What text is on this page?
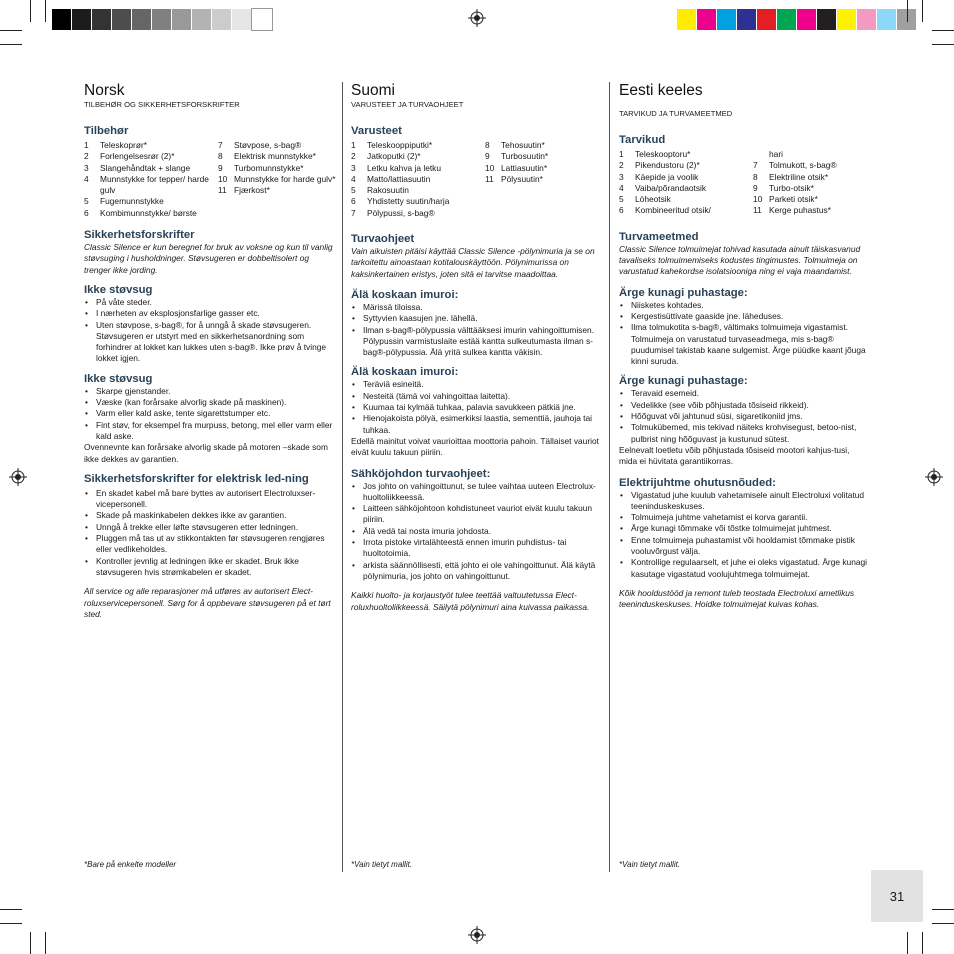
Norsk

TILBEHØR OG SIKKERHETSFORSKRIFTER

Tilbehør
1	Teleskoprør*
2	Forlengelsesrør (2)*
3	Slangehåndtak + slange
4	Munnstykke for tepper/ harde gulv
5	Fugemunnstykke
6	Kombimunnstykke/ børste
7	Støvpose, s-bag®
8	Elektrisk munnstykke*
9	Turbomunnstykke*
10 Munnstykke for harde gulv*
11 Fjærkost*
Sikkerhetsforskrifter

Classic Silence er kun beregnet for bruk av voksne og kun til vanlig støvsuging i husholdninger. Støvsugeren er dobbeltisolert og trenger ikke jording.

Ikke støvsug
• På våte steder.
• I nærheten av eksplosjonsfarlige gasser etc.
• Uten støvpose, s-bag®, for å unngå å skade støvsugeren. Støvsugeren er utstyrt med en sikkerhetsanordning som forhindrer at lokket kan lukkes uten s-bag®. Ikke prøv å tvinge lokket igjen.
Ikke støvsug
• Skarpe gjenstander.
• Væske (kan forårsake alvorlig skade på maskinen).
• Varm eller kald aske, tente sigarettstumper etc.
• Fint støv, for eksempel fra murpuss, betong, mel eller varm eller kald aske.

Ovennevnte kan forårsake alvorlig skade på motoren –skade som ikke dekkes av garantien.

Sikkerhetsforskrifter for elektrisk led-ning
• En skadet kabel må bare byttes av autorisert Electroluxser-vicepersonell.
• Skade på maskinkabelen dekkes ikke av garantien.
• Unngå å trekke eller løfte støvsugeren etter ledningen.
• Pluggen må tas ut av stikkontakten før støvsugeren rengjøres eller vedlikeholdes.
• Kontroller jevnlig at ledningen ikke er skadet. Bruk ikke støvsugeren hvis strømkabelen er skadet.

All service og alle reparasjoner må utføres av autorisert Elect-roluxservicepersonell. Sørg for å oppbevare støvsugeren på et tørt sted.

*Bare på enkelte modeller
Suomi

VARUSTEET JA TURVAOHJEET

Varusteet
1	Teleskooppiputki*
2	Jatkoputki (2)*
3	Letku kahva ja letku
4	Matto/lattiasuutin
5	Rakosuutin
6	Yhdistetty suutin/harja
7	Pölypussi, s-bag®
8	Tehosuutin*
9	Turbosuutin*
10 Lattiasuutin*
11 Pölysuutin*
Turvaohjeet

Vain aikuisten pitäisi käyttää Classic Silence -pölynimuria ja se on tarkoitettu ainoastaan kotitalouskäyttöön. Pölynimurissa on kaksinkertainen eristys, joten sitä ei tarvitse maadoittaa.

Älä koskaan imuroi:
• Märissä tiloissa.
• Syttyvien kaasujen jne. lähellä.
• Ilman s-bag®-pölypussia välttääksesi imurin vahingoittumisen. Pölypussin varmistuslaite estää kantta sulkeutumasta ilman s-bag®-pölypussia. Älä yritä sulkea kantta väkisin.
Älä koskaan imuroi:
• Teräviä esineitä.
• Nesteitä (tämä voi vahingoittaa laitetta).
• Kuumaa tai kylmää tuhkaa, palavia savukkeen pätkiä jne.
• Hienojakoista pölyä, esimerkiksi laastia, sementtiä, jauhoja tai tuhkaa.

Edellä mainitut voivat vaurioittaa moottoria pahoin. Tällaiset vauriot eivät kuulu takuun piiriin.

Sähköjohdon turvaohjeet:
• Jos johto on vahingoittunut, se tulee vaihtaa uuteen Electrolux-huoltoliikkeessä.
• Laitteen sähköjohtoon kohdistuneet vauriot eivät kuulu takuun piiriin.
• Älä vedä tai nosta imuria johdosta.
• Irrota pistoke virtalähteestä ennen imurin puhdistus- tai huoltotoimia.
• arkista säännöllisesti, että johto ei ole vahingoittunut. Älä käytä pölynimuria, jos johto on vahingoittunut.

Kaikki huolto- ja korjaustyöt tulee teettää valtuutetussa Elect-roluxhuoltoliikkeessä. Säilytä pölynimuri aina kuivassa paikassa.

*Vain tietyt mallit.
Eesti keeles

TARVIKUD JA TURVAMEETMED

Tarvikud
1	Teleskooptoru*
2	Pikendustoru (2)*
3	Käepide ja voolik
4	Vaiba/põrandaotsik
5	Löheotsik
6	Kombineeritud otsik/
hari
7	Tolmukott, s-bag®
8	Elektriline otsik*
9	Turbo-otsik*
10 Parketi otsik*
11 Kerge puhastus*
Turvameetmed

Classic Silence tolmuimejat tohivad kasutada ainult täiskasvanud tavaliseks tolmuimemiseks kodustes tingimustes. Tolmuimeja on varustatud kahekordse isolatsiooniga ning ei vaja maandamist.

Ärge kunagi puhastage:
• Niisketes kohtades.
• Kergestisüttivate gaaside jne. läheduses.
• Ilma tolmukotita s-bag®, vältimaks tolmuimeja vigastamist. Tolmuimeja on varustatud turvaseadmega, mis s-bag® puudumisel takistab kaane sulgemist. Ärge püüdke kaant jõuga kinni suruda.
Ärge kunagi puhastage:
• Teravaid esemeid.
• Vedelikke (see võib põhjustada tõsiseid rikkeid).
• Hõõguvat või jahtunud süsi, sigaretikoniid jms.
• Tolmukübemed, mis tekivad näiteks krohvisegust, betoo-nist, pulbrist ning hõõguvast ja kustunud sütest.

Eelnevalt loetletu võib põhjustada tõsiseid mootori kahjus-tusi,
mida ei hüvitata garantiikorras.

Elektrijuhtme ohutusnõuded:
• Vigastatud juhe kuulub vahetamisele ainult Electroluxi volitatud teeninduskeskuses.
• Tolmuimeja juhtme vahetamist ei korva garantii.
• Ärge kunagi tõmmake või tõstke tolmuimejat juhtmest.
• Enne tolmuimeja puhastamist või hooldamist tõmmake pistik vooluvõrgust välja.
• Kontrollige regulaarselt, et juhe ei oleks vigastatud. Ärge kunagi kasutage vigastatud voolujuhtmega tolmuimejat.

Kõik hooldustööd ja remont tuleb teostada Electroluxi ametlikus teeninduskeskuses. Hoidke tolmuimejat kuivas kohas.

*Vain tietyt mallit.
31
